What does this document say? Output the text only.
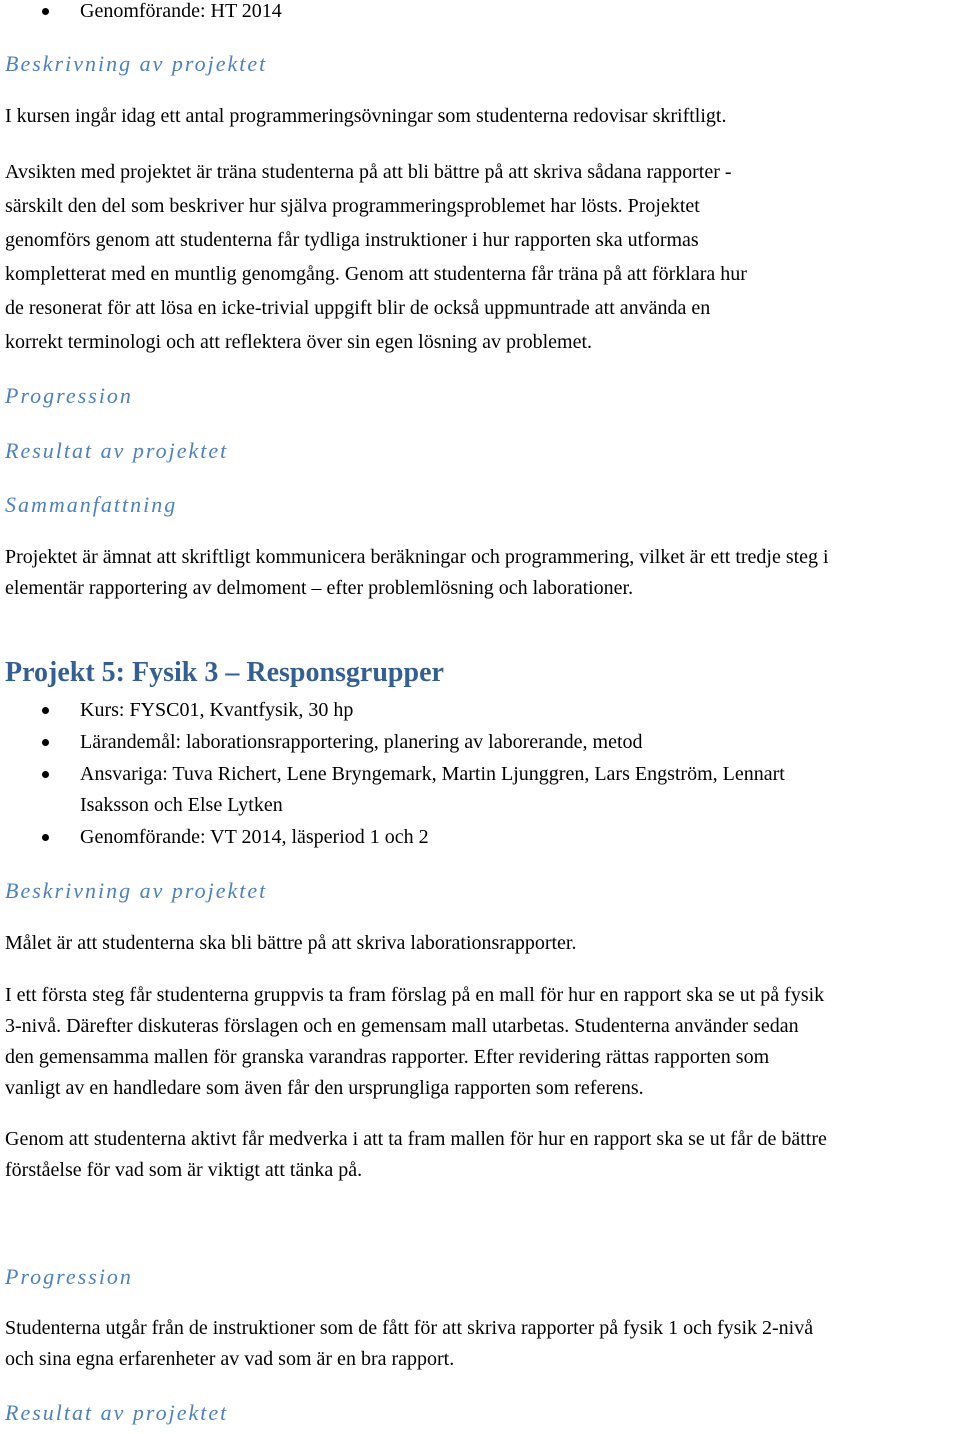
Genomförande: HT 2014
Beskrivning av projektet

I kursen ingår idag ett antal programmeringsövningar som studenterna redovisar skriftligt.

Avsikten med projektet är träna studenterna på att bli bättre på att skriva sådana rapporter -
särskilt den del som beskriver hur själva programmeringsproblemet har lösts. Projektet
genomförs genom att studenterna får tydliga instruktioner i hur rapporten ska utformas
kompletterat med en muntlig genomgång. Genom att studenterna får träna på att förklara hur
de resonerat för att lösa en icke-trivial uppgift blir de också uppmuntrade att använda en
korrekt terminologi och att reflektera över sin egen lösning av problemet.
Progression
Resultat av projektet
Sammanfattning
Projektet är ämnat att skriftligt kommunicera beräkningar och programmering, vilket är ett tredje steg i
elementär rapportering av delmoment – efter problemlösning och laborationer.
Projekt 5: Fysik 3 – Responsgrupper
Kurs: FYSC01, Kvantfysik, 30 hp
Lärandemål: laborationsrapportering, planering av laborerande, metod
Ansvariga: Tuva Richert, Lene Bryngemark, Martin Ljunggren, Lars Engström, Lennart
Isaksson och Else Lytken
Genomförande: VT 2014, läsperiod 1 och 2
Beskrivning av projektet

Målet är att studenterna ska bli bättre på att skriva laborationsrapporter.

I ett första steg får studenterna gruppvis ta fram förslag på en mall för hur en rapport ska se ut på fysik
3-nivå. Därefter diskuteras förslagen och en gemensam mall utarbetas. Studenterna använder sedan
den gemensamma mallen för granska varandras rapporter. Efter revidering rättas rapporten som
vanligt av en handledare som även får den ursprungliga rapporten som referens.
Genom att studenterna aktivt får medverka i att ta fram mallen för hur en rapport ska se ut får de bättre
förståelse för vad som är viktigt att tänka på.
Progression
Studenterna utgår från de instruktioner som de fått för att skriva rapporter på fysik 1 och fysik 2-nivå
och sina egna erfarenheter av vad som är en bra rapport.
Resultat av projektet
